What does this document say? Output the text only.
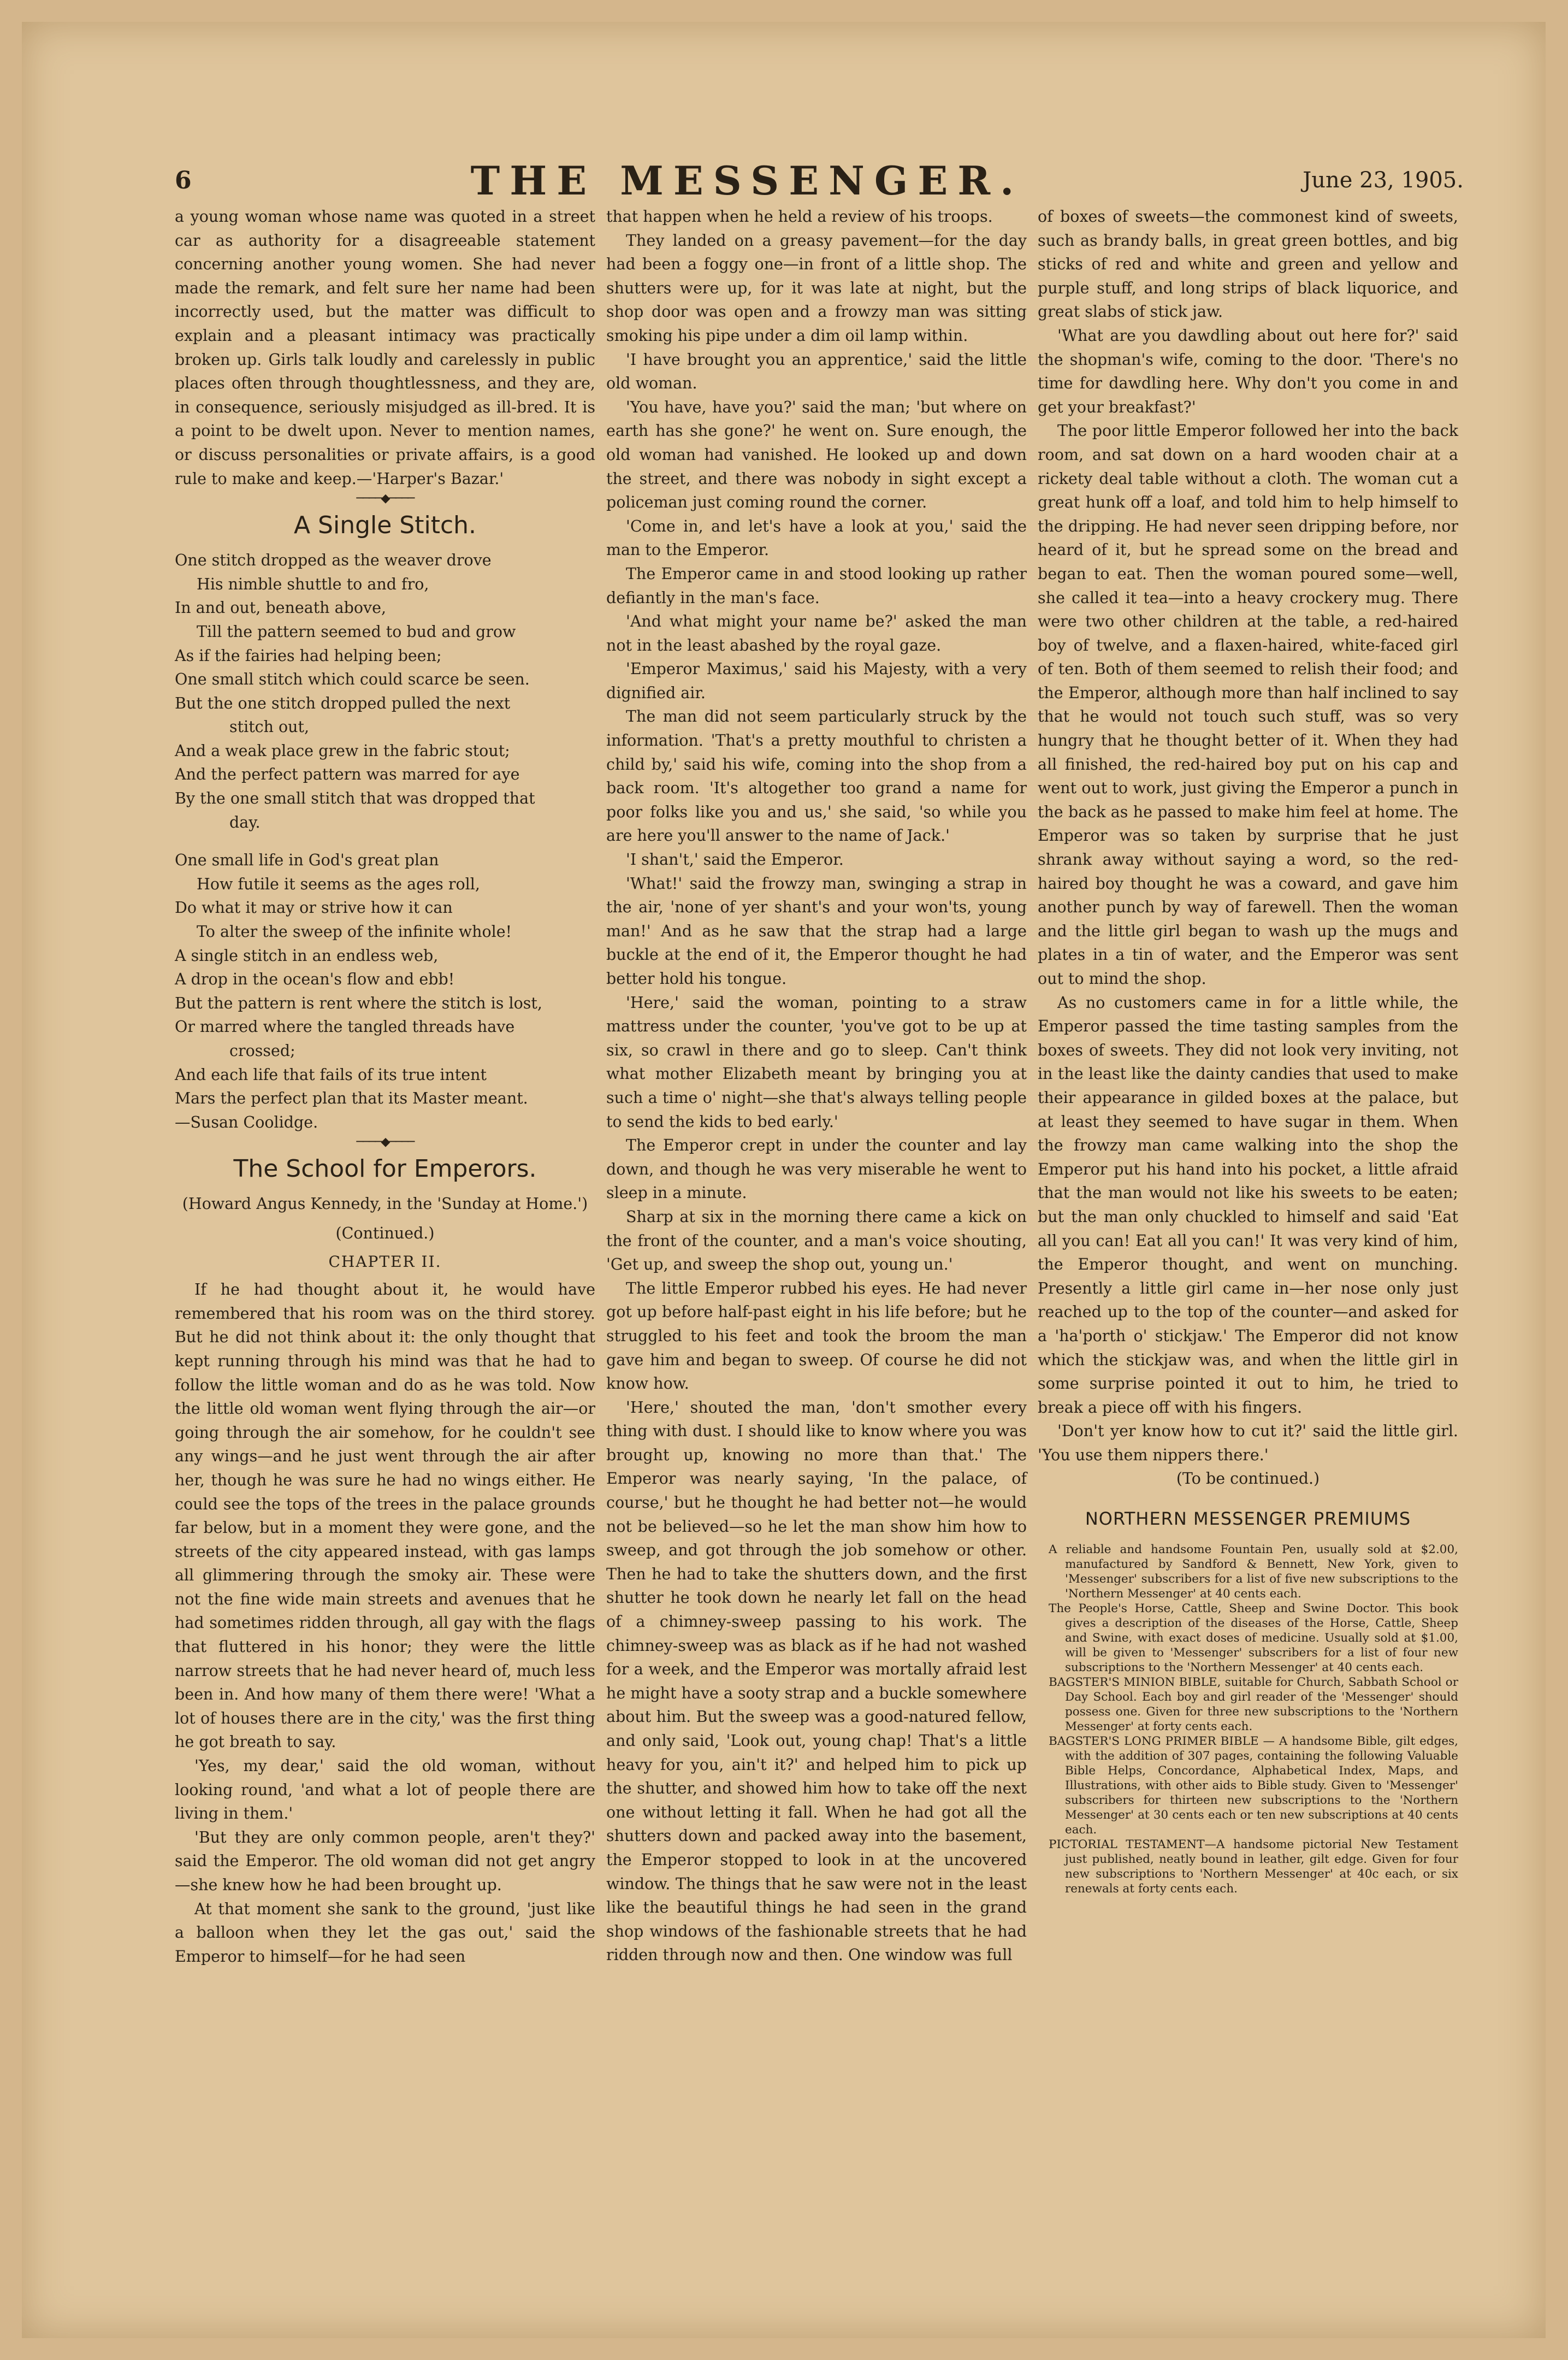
6	THE MESSENGER.	June 23, 1905.

a young woman whose name was quoted in a street car as authority for a disagreeable statement concerning another young women. She had never made the remark, and felt sure her name had been incorrectly used, but the matter was difficult to explain and a pleasant intimacy was practically broken up. Girls talk loudly and carelessly in public places often through thoughtlessness, and they are, in consequence, seriously misjudged as ill-bred. It is a point to be dwelt upon. Never to mention names, or discuss personalities or private affairs, is a good rule to make and keep.—'Harper's Bazar.'

────◆────
A Single Stitch.

One stitch dropped as the weaver drove

His nimble shuttle to and fro,

In and out, beneath above,

Till the pattern seemed to bud and grow

As if the fairies had helping been;

One small stitch which could scarce be seen.

But the one stitch dropped pulled the next

stitch out,

And a weak place grew in the fabric stout;

And the perfect pattern was marred for aye

By the one small stitch that was dropped that

day.

One small life in God's great plan

How futile it seems as the ages roll,

Do what it may or strive how it can

To alter the sweep of the infinite whole!

A single stitch in an endless web,

A drop in the ocean's flow and ebb!

But the pattern is rent where the stitch is lost,

Or marred where the tangled threads have

crossed;

And each life that fails of its true intent

Mars the perfect plan that its Master meant.

—Susan Coolidge.

────◆────
The School for Emperors.

(Howard Angus Kennedy, in the 'Sunday at Home.')

(Continued.)

CHAPTER II.

If he had thought about it, he would have remembered that his room was on the third storey. But he did not think about it: the only thought that kept running through his mind was that he had to follow the little woman and do as he was told. Now the little old woman went flying through the air—or going through the air somehow, for he couldn't see any wings—and he just went through the air after her, though he was sure he had no wings either. He could see the tops of the trees in the palace grounds far below, but in a moment they were gone, and the streets of the city appeared instead, with gas lamps all glimmering through the smoky air. These were not the fine wide main streets and avenues that he had sometimes ridden through, all gay with the flags that fluttered in his honor; they were the little narrow streets that he had never heard of, much less been in. And how many of them there were! 'What a lot of houses there are in the city,' was the first thing he got breath to say.

'Yes, my dear,' said the old woman, without looking round, 'and what a lot of people there are living in them.'

'But they are only common people, aren't they?' said the Emperor. The old woman did not get angry—she knew how he had been brought up.

At that moment she sank to the ground, 'just like a balloon when they let the gas out,' said the Emperor to himself—for he had seen

that happen when he held a review of his troops.

They landed on a greasy pavement—for the day had been a foggy one—in front of a little shop. The shutters were up, for it was late at night, but the shop door was open and a frowzy man was sitting smoking his pipe under a dim oil lamp within.

'I have brought you an apprentice,' said the little old woman.

'You have, have you?' said the man; 'but where on earth has she gone?' he went on. Sure enough, the old woman had vanished. He looked up and down the street, and there was nobody in sight except a policeman just coming round the corner.

'Come in, and let's have a look at you,' said the man to the Emperor.

The Emperor came in and stood looking up rather defiantly in the man's face.

'And what might your name be?' asked the man not in the least abashed by the royal gaze.

'Emperor Maximus,' said his Majesty, with a very dignified air.

The man did not seem particularly struck by the information. 'That's a pretty mouthful to christen a child by,' said his wife, coming into the shop from a back room. 'It's altogether too grand a name for poor folks like you and us,' she said, 'so while you are here you'll answer to the name of Jack.'

'I shan't,' said the Emperor.

'What!' said the frowzy man, swinging a strap in the air, 'none of yer shant's and your won'ts, young man!' And as he saw that the strap had a large buckle at the end of it, the Emperor thought he had better hold his tongue.

'Here,' said the woman, pointing to a straw mattress under the counter, 'you've got to be up at six, so crawl in there and go to sleep. Can't think what mother Elizabeth meant by bringing you at such a time o' night—she that's always telling people to send the kids to bed early.'

The Emperor crept in under the counter and lay down, and though he was very miserable he went to sleep in a minute.

Sharp at six in the morning there came a kick on the front of the counter, and a man's voice shouting, 'Get up, and sweep the shop out, young un.'

The little Emperor rubbed his eyes. He had never got up before half-past eight in his life before; but he struggled to his feet and took the broom the man gave him and began to sweep. Of course he did not know how.

'Here,' shouted the man, 'don't smother every thing with dust. I should like to know where you was brought up, knowing no more than that.' The Emperor was nearly saying, 'In the palace, of course,' but he thought he had better not—he would not be believed—so he let the man show him how to sweep, and got through the job somehow or other. Then he had to take the shutters down, and the first shutter he took down he nearly let fall on the head of a chimney-sweep passing to his work. The chimney-sweep was as black as if he had not washed for a week, and the Emperor was mortally afraid lest he might have a sooty strap and a buckle somewhere about him. But the sweep was a good-natured fellow, and only said, 'Look out, young chap! That's a little heavy for you, ain't it?' and helped him to pick up the shutter, and showed him how to take off the next one without letting it fall. When he had got all the shutters down and packed away into the basement, the Emperor stopped to look in at the uncovered window. The things that he saw were not in the least like the beautiful things he had seen in the grand shop windows of the fashionable streets that he had ridden through now and then. One window was full

of boxes of sweets—the commonest kind of sweets, such as brandy balls, in great green bottles, and big sticks of red and white and green and yellow and purple stuff, and long strips of black liquorice, and great slabs of stick jaw.

'What are you dawdling about out here for?' said the shopman's wife, coming to the door. 'There's no time for dawdling here. Why don't you come in and get your breakfast?'

The poor little Emperor followed her into the back room, and sat down on a hard wooden chair at a rickety deal table without a cloth. The woman cut a great hunk off a loaf, and told him to help himself to the dripping. He had never seen dripping before, nor heard of it, but he spread some on the bread and began to eat. Then the woman poured some—well, she called it tea—into a heavy crockery mug. There were two other children at the table, a red-haired boy of twelve, and a flaxen-haired, white-faced girl of ten. Both of them seemed to relish their food; and the Emperor, although more than half inclined to say that he would not touch such stuff, was so very hungry that he thought better of it. When they had all finished, the red-haired boy put on his cap and went out to work, just giving the Emperor a punch in the back as he passed to make him feel at home. The Emperor was so taken by surprise that he just shrank away without saying a word, so the red-haired boy thought he was a coward, and gave him another punch by way of farewell. Then the woman and the little girl began to wash up the mugs and plates in a tin of water, and the Emperor was sent out to mind the shop.

As no customers came in for a little while, the Emperor passed the time tasting samples from the boxes of sweets. They did not look very inviting, not in the least like the dainty candies that used to make their appearance in gilded boxes at the palace, but at least they seemed to have sugar in them. When the frowzy man came walking into the shop the Emperor put his hand into his pocket, a little afraid that the man would not like his sweets to be eaten; but the man only chuckled to himself and said 'Eat all you can! Eat all you can!' It was very kind of him, the Emperor thought, and went on munching. Presently a little girl came in—her nose only just reached up to the top of the counter—and asked for a 'ha'porth o' stickjaw.' The Emperor did not know which the stickjaw was, and when the little girl in some surprise pointed it out to him, he tried to break a piece off with his fingers.

'Don't yer know how to cut it?' said the little girl. 'You use them nippers there.'

(To be continued.)

NORTHERN MESSENGER PREMIUMS

A reliable and handsome Fountain Pen, usually sold at $2.00, manufactured by Sandford & Bennett, New York, given to 'Messenger' subscribers for a list of five new subscriptions to the 'Northern Messenger' at 40 cents each.

The People's Horse, Cattle, Sheep and Swine Doctor. This book gives a description of the diseases of the Horse, Cattle, Sheep and Swine, with exact doses of medicine. Usually sold at $1.00, will be given to 'Messenger' subscribers for a list of four new subscriptions to the 'Northern Messenger' at 40 cents each.

BAGSTER'S MINION BIBLE, suitable for Church, Sabbath School or Day School. Each boy and girl reader of the 'Messenger' should possess one. Given for three new subscriptions to the 'Northern Messenger' at forty cents each.

BAGSTER'S LONG PRIMER BIBLE — A handsome Bible, gilt edges, with the addition of 307 pages, containing the following Valuable Bible Helps, Concordance, Alphabetical Index, Maps, and Illustrations, with other aids to Bible study. Given to 'Messenger' subscribers for thirteen new subscriptions to the 'Northern Messenger' at 30 cents each or ten new subscriptions at 40 cents each.

PICTORIAL TESTAMENT—A handsome pictorial New Testament just published, neatly bound in leather, gilt edge. Given for four new subscriptions to 'Northern Messenger' at 40c each, or six renewals at forty cents each.
